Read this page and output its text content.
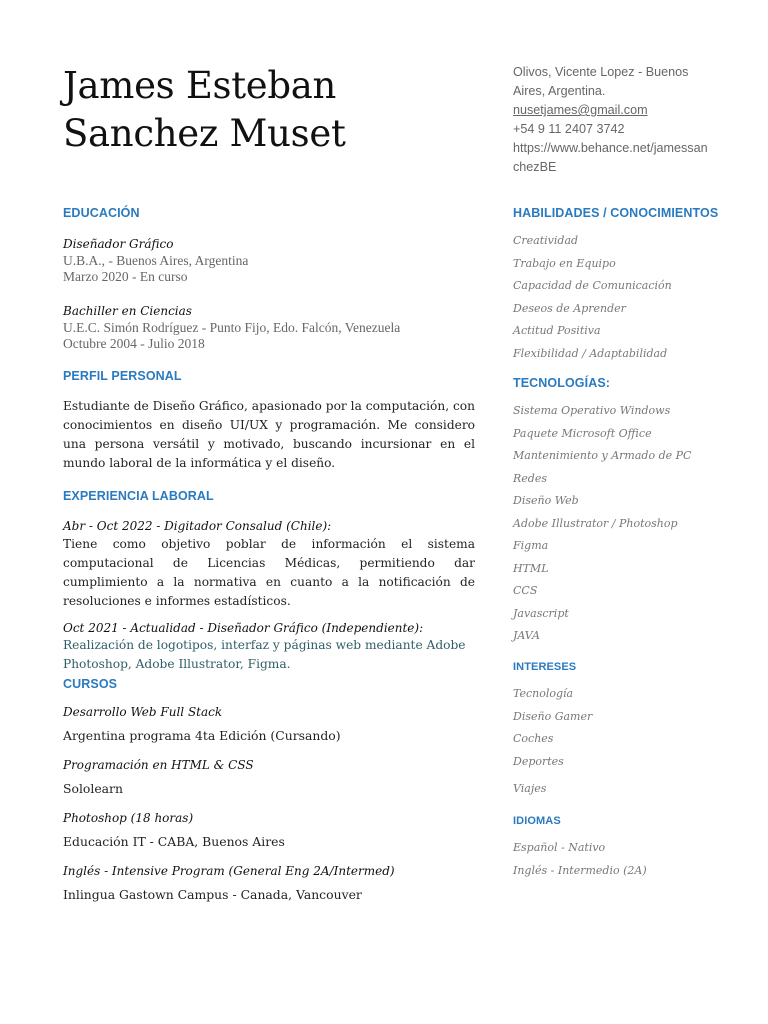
James Esteban
Sanchez Muset
Olivos, Vicente Lopez - Buenos
Aires, Argentina.
nusetjames@gmail.com
+54 9 11 2407 3742
https://www.behance.net/jamessan
chezBE
EDUCACIÓN
Diseñador Gráfico
U.B.A., - Buenos Aires, Argentina
Marzo 2020 - En curso
Bachiller en Ciencias
U.E.C. Simón Rodríguez - Punto Fijo, Edo. Falcón, Venezuela
Octubre 2004 - Julio 2018
PERFIL PERSONAL
Estudiante de Diseño Gráfico, apasionado por la computación, con conocimientos en diseño UI/UX y programación. Me considero una persona versátil y motivado, buscando incursionar en el mundo laboral de la informática y el diseño.
EXPERIENCIA LABORAL
Abr - Oct 2022 - Digitador Consalud (Chile):
Tiene como objetivo poblar de información el sistema computacional de Licencias Médicas, permitiendo dar cumplimiento a la normativa en cuanto a la notificación de resoluciones e informes estadísticos.
Oct 2021 - Actualidad - Diseñador Gráfico (Independiente):
Realización de logotipos, interfaz y páginas web mediante Adobe Photoshop, Adobe Illustrator, Figma.
CURSOS
Desarrollo Web Full Stack
Argentina programa 4ta Edición (Cursando)
Programación en HTML & CSS
Sololearn
Photoshop (18 horas)
Educación IT - CABA, Buenos Aires
Inglés - Intensive Program (General Eng 2A/Intermed)
Inlingua Gastown Campus - Canada, Vancouver
HABILIDADES / CONOCIMIENTOS
Creatividad
Trabajo en Equipo
Capacidad de Comunicación
Deseos de Aprender
Actitud Positiva
Flexibilidad / Adaptabilidad
TECNOLOGÍAS:
Sistema Operativo Windows
Paquete Microsoft Office
Mantenimiento y Armado de PC
Redes
Diseño Web
Adobe Illustrator / Photoshop
Figma
HTML
CCS
Javascript
JAVA
INTERESES
Tecnología
Diseño Gamer
Coches
Deportes
Viajes
IDIOMAS
Español - Nativo
Inglés - Intermedio (2A)
